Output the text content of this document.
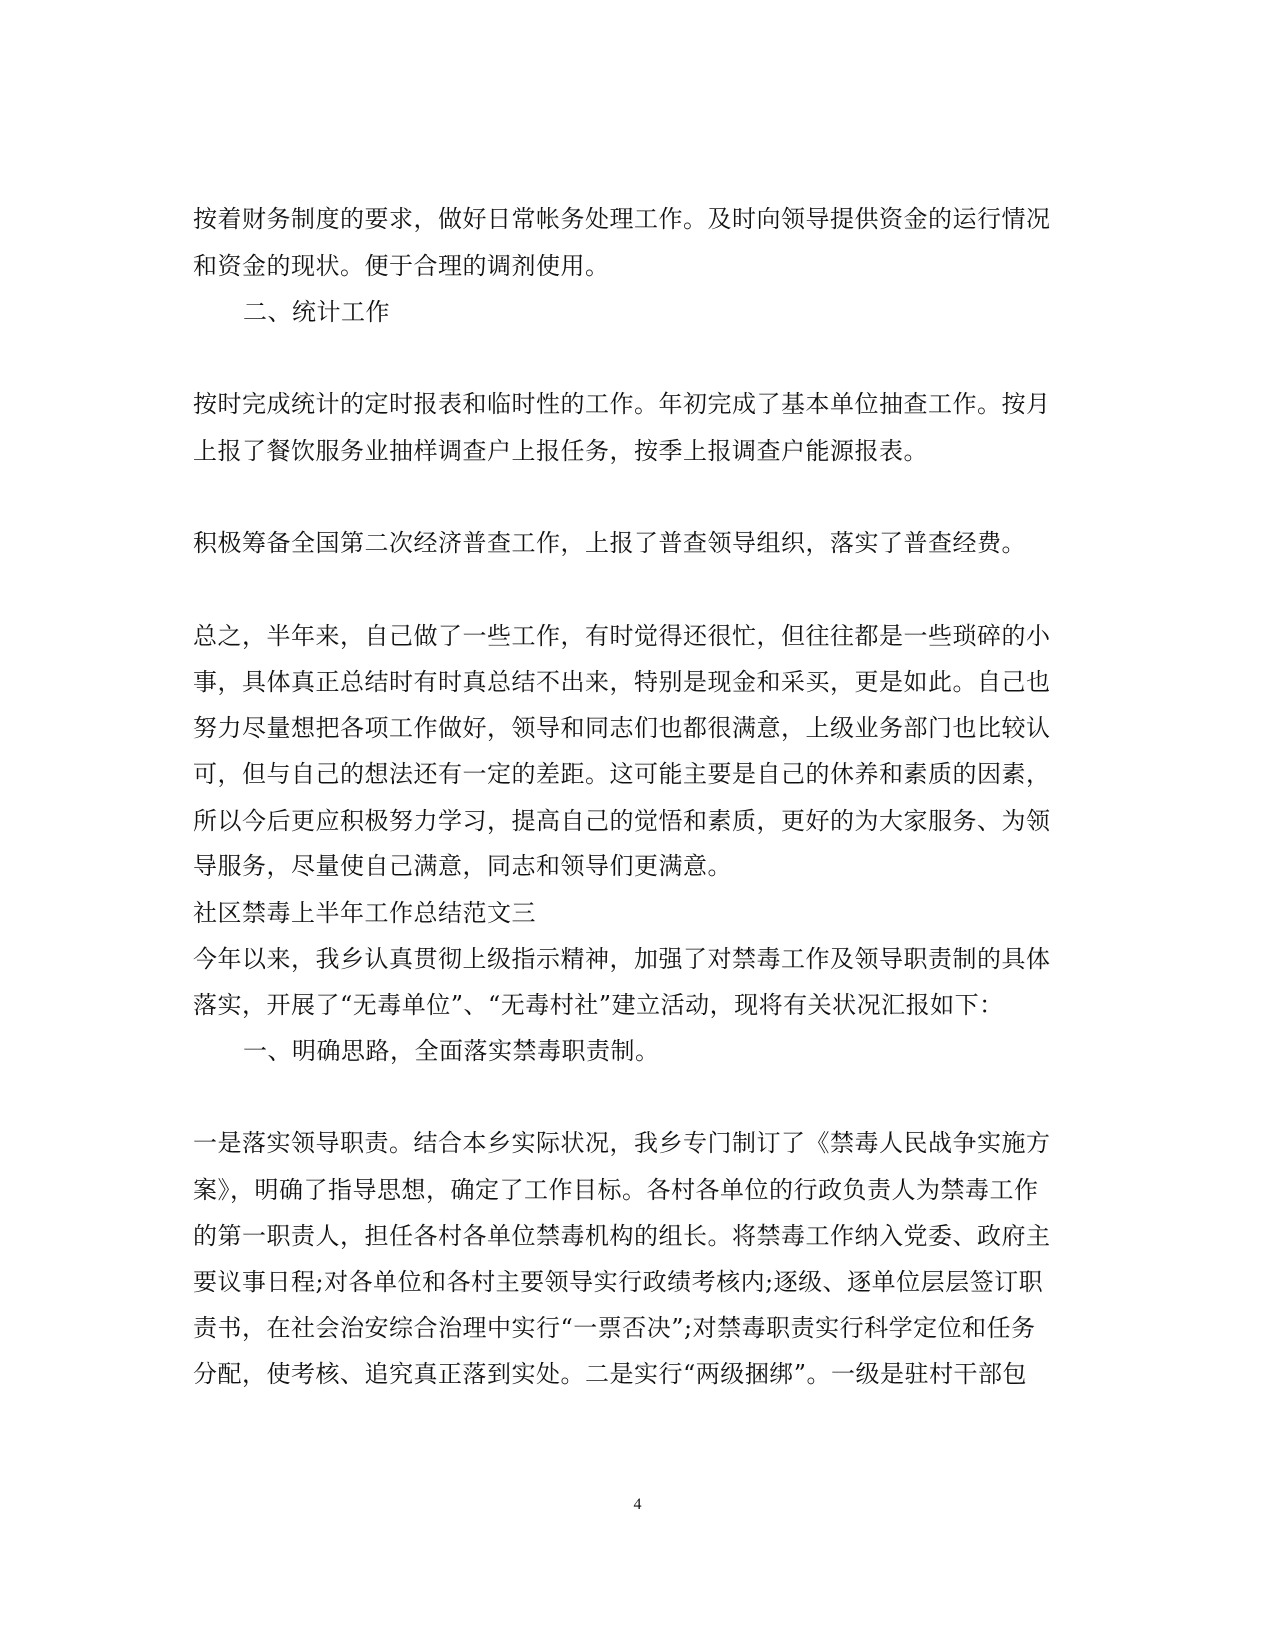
按着财务制度的要求，做好日常帐务处理工作。及时向领导提供资金的运行情况
和资金的现状。便于合理的调剂使用。
二、统计工作
按时完成统计的定时报表和临时性的工作。年初完成了基本单位抽查工作。按月
上报了餐饮服务业抽样调查户上报任务，按季上报调查户能源报表。
积极筹备全国第二次经济普查工作，上报了普查领导组织，落实了普查经费。
总之，半年来，自己做了一些工作，有时觉得还很忙，但往往都是一些琐碎的小
事，具体真正总结时有时真总结不出来，特别是现金和采买，更是如此。自己也
努力尽量想把各项工作做好，领导和同志们也都很满意，上级业务部门也比较认
可，但与自己的想法还有一定的差距。这可能主要是自己的休养和素质的因素，
所以今后更应积极努力学习，提高自己的觉悟和素质，更好的为大家服务、为领
导服务，尽量使自己满意，同志和领导们更满意。
社区禁毒上半年工作总结范文三
今年以来，我乡认真贯彻上级指示精神，加强了对禁毒工作及领导职责制的具体
落实，开展了“无毒单位”、“无毒村社”建立活动，现将有关状况汇报如下：
一、明确思路，全面落实禁毒职责制。
一是落实领导职责。结合本乡实际状况，我乡专门制订了《禁毒人民战争实施方
案》，明确了指导思想，确定了工作目标。各村各单位的行政负责人为禁毒工作
的第一职责人，担任各村各单位禁毒机构的组长。将禁毒工作纳入党委、政府主
要议事日程;对各单位和各村主要领导实行政绩考核内;逐级、逐单位层层签订职
责书，在社会治安综合治理中实行“一票否决”;对禁毒职责实行科学定位和任务
分配，使考核、追究真正落到实处。二是实行“两级捆绑”。一级是驻村干部包
4
